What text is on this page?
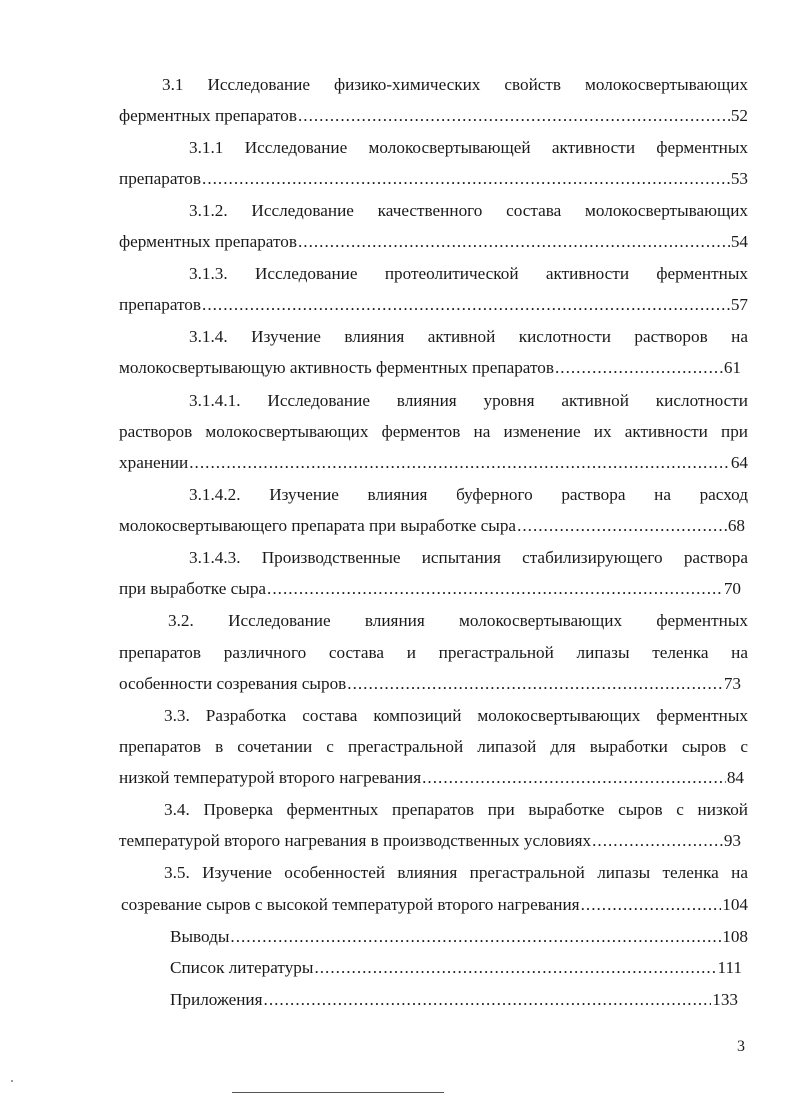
3.1 Исследование физико-химических свойств молокосвертывающих
ферментных препаратов .....	52
3.1.1 Исследование молокосвертывающей активности ферментных
препаратов .....	53
3.1.2. Исследование качественного состава молокосвертывающих
ферментных препаратов .....	54
3.1.3. Исследование протеолитической активности ферментных
препаратов .....	57
3.1.4. Изучение влияния активной кислотности растворов на
молокосвертывающую активность ферментных препаратов .....	61
3.1.4.1. Исследование влияния уровня активной кислотности
растворов молокосвертывающих ферментов на изменение их активности при
хранении .....	64
3.1.4.2. Изучение влияния буферного раствора на расход
молокосвертывающего препарата при выработке сыра .....	68
3.1.4.3. Производственные испытания стабилизирующего раствора
при выработке сыра .....	70
3.2. Исследование влияния молокосвертывающих ферментных
препаратов различного состава и прегастральной липазы теленка на
особенности созревания сыров .....	73
3.3. Разработка состава композиций молокосвертывающих ферментных
препаратов в сочетании с прегастральной липазой для выработки сыров с
низкой температурой второго нагревания .....	84
3.4. Проверка ферментных препаратов при выработке сыров с низкой
температурой второго нагревания в производственных условиях .....	93
3.5. Изучение особенностей влияния прегастральной липазы теленка на
созревание сыров с высокой температурой второго нагревания .....	104
Выводы .....	108
Список литературы .....	111
Приложения .....	133
3
